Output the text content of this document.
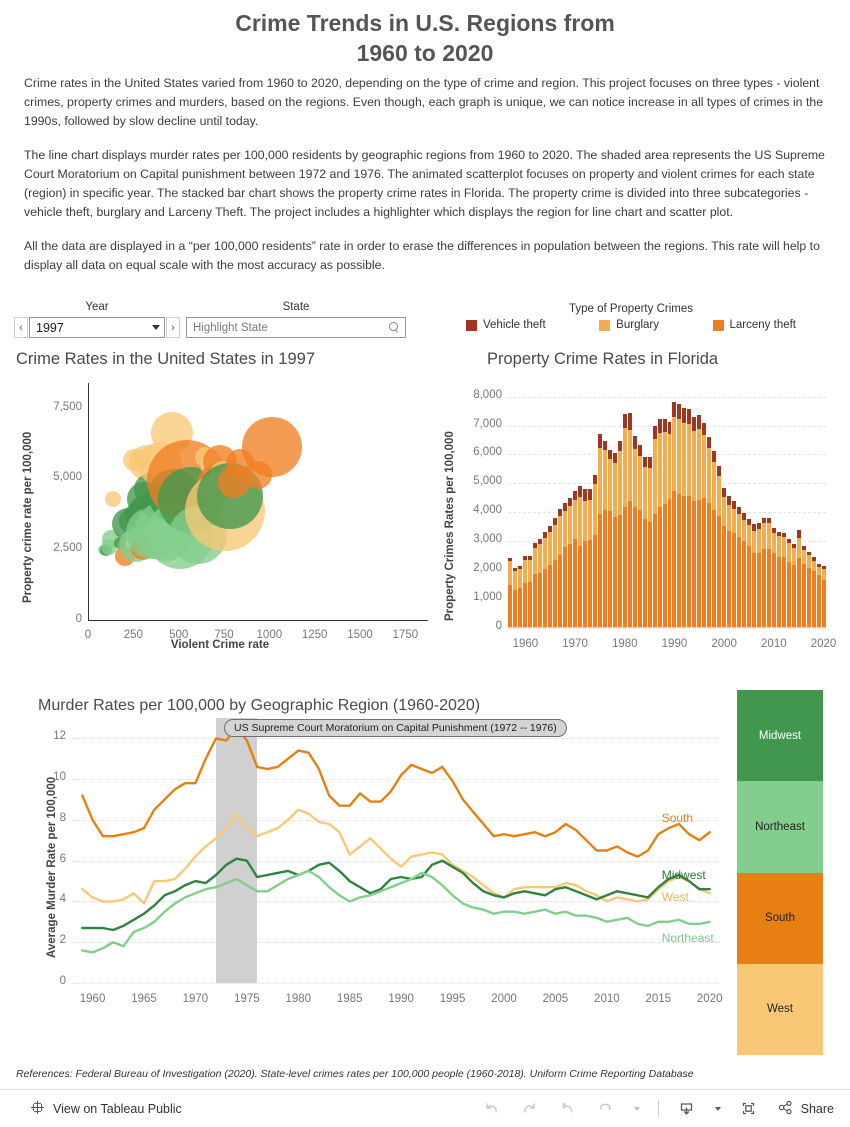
Crime Trends in U.S. Regions from
1960 to 2020

Crime rates in the United States varied from 1960 to 2020, depending on the type of crime and region. This project focuses on three types - violent crimes, property crimes and murders, based on the regions. Even though, each graph is unique, we can notice increase in all types of crimes in the 1990s, followed by slow decline until today.

The line chart displays murder rates per 100,000 residents by geographic regions from 1960 to 2020. The shaded area represents the US Supreme Court Moratorium on Capital punishment between 1972 and 1976. The animated scatterplot focuses on property and violent crimes for each state (region) in specific year. The stacked bar chart shows the property crime rates in Florida. The property crime is divided into three subcategories - vehicle theft, burglary and Larceny Theft. The project includes a highlighter which displays the region for line chart and scatter plot.

All the data are displayed in a “per 100,000 residents” rate in order to erase the differences in population between the regions. This rate will help to display all data on equal scale with the most accuracy as possible.

Year
‹	1997	›
State
Highlight State
Type of Property Crimes
Vehicle theft	Burglary	Larceny theft
Crime Rates in the United States in 1997
Property crime rate per 100,000
0
2,500
5,000
7,500
0	250 500 750 1000 1250 1500 1750
Violent Crime rate
Property Crime Rates in Florida
Property Crimes Rates per 100,000
0
1,000
2,000
3,000
4,000
5,000
6,000
7,000
8,000
1960 1970 1980 1990 2000 2010 2020
Murder Rates per 100,000 by Geographic Region (1960-2020)
Average Murder Rate per 100,000
US Supreme Court Moratorium on Capital Punishment (1972 -- 1976)
0
2
4
6
8
10
12
1960 1965 1970 1975 1980 1985 1990 1995 2000 2005 2010 2015 2020
South
West
Midwest
Northeast
Midwest
Northeast
South
West
References: Federal Bureau of Investigation (2020). State-level crimes rates per 100,000 people (1960-2018). Uniform Crime Reporting Database
View on Tableau Public	Share
